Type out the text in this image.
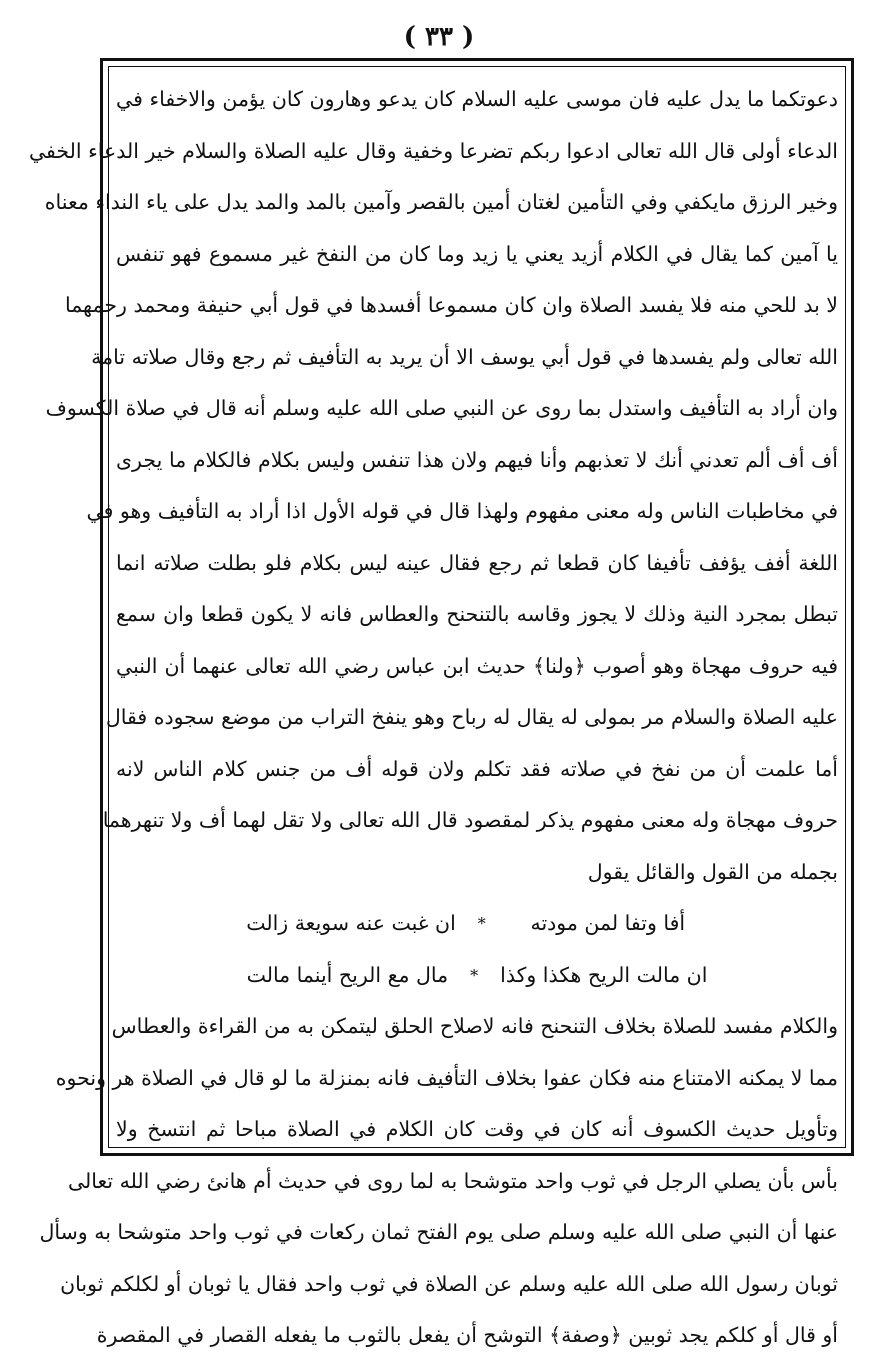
( ٣٣ )
دعوتكما ما يدل عليه فان موسى عليه السلام كان يدعو وهارون كان يؤمن والاخفاء في
الدعاء أولى قال الله تعالى ادعوا ربكم تضرعا وخفية وقال عليه الصلاة والسلام خير الدعاء الخفي
وخير الرزق مايكفي وفي التأمين لغتان أمين بالقصر وآمين بالمد والمد يدل على ياء النداء معناه
يا آمين كما يقال في الكلام أزيد يعني يا زيد وما كان من النفخ غير مسموع فهو تنفس
لا بد للحي منه فلا يفسد الصلاة وان كان مسموعا أفسدها في قول أبي حنيفة ومحمد رحمهما
الله تعالى ولم يفسدها في قول أبي يوسف الا أن يريد به التأفيف ثم رجع وقال صلاته تامة
وان أراد به التأفيف واستدل بما روى عن النبي صلى الله عليه وسلم أنه قال في صلاة الكسوف
أف أف ألم تعدني أنك لا تعذبهم وأنا فيهم ولان هذا تنفس وليس بكلام فالكلام ما يجرى
في مخاطبات الناس وله معنى مفهوم ولهذا قال في قوله الأول اذا أراد به التأفيف وهو في
اللغة أفف يؤفف تأفيفا كان قطعا ثم رجع فقال عينه ليس بكلام فلو بطلت صلاته انما
تبطل بمجرد النية وذلك لا يجوز وقاسه بالتنحنح والعطاس فانه لا يكون قطعا وان سمع
فيه حروف مهجاة وهو أصوب ﴿ولنا﴾ حديث ابن عباس رضي الله تعالى عنهما أن النبي
عليه الصلاة والسلام مر بمولى له يقال له رباح وهو ينفخ التراب من موضع سجوده فقال
أما علمت أن من نفخ في صلاته فقد تكلم ولان قوله أف من جنس كلام الناس لانه
حروف مهجاة وله معنى مفهوم يذكر لمقصود قال الله تعالى ولا تقل لهما أف ولا تنهرهما
بجمله من القول والقائل يقول
أفا وتفا لمن مودته
*
ان غبت عنه سويعة زالت
ان مالت الريح هكذا وكذا
*
مال مع الريح أينما مالت
والكلام مفسد للصلاة بخلاف التنحنح فانه لاصلاح الحلق ليتمكن به من القراءة والعطاس
مما لا يمكنه الامتناع منه فكان عفوا بخلاف التأفيف فانه بمنزلة ما لو قال في الصلاة هر ونحوه
وتأويل حديث الكسوف أنه كان في وقت كان الكلام في الصلاة مباحا ثم انتسخ ولا
بأس بأن يصلي الرجل في ثوب واحد متوشحا به لما روى في حديث أم هانئ رضي الله تعالى
عنها أن النبي صلى الله عليه وسلم صلى يوم الفتح ثمان ركعات في ثوب واحد متوشحا به وسأل
ثوبان رسول الله صلى الله عليه وسلم عن الصلاة في ثوب واحد فقال يا ثوبان أو لكلكم ثوبان
أو قال أو كلكم يجد ثوبين ﴿وصفة﴾ التوشح أن يفعل بالثوب ما يفعله القصار في المقصرة
